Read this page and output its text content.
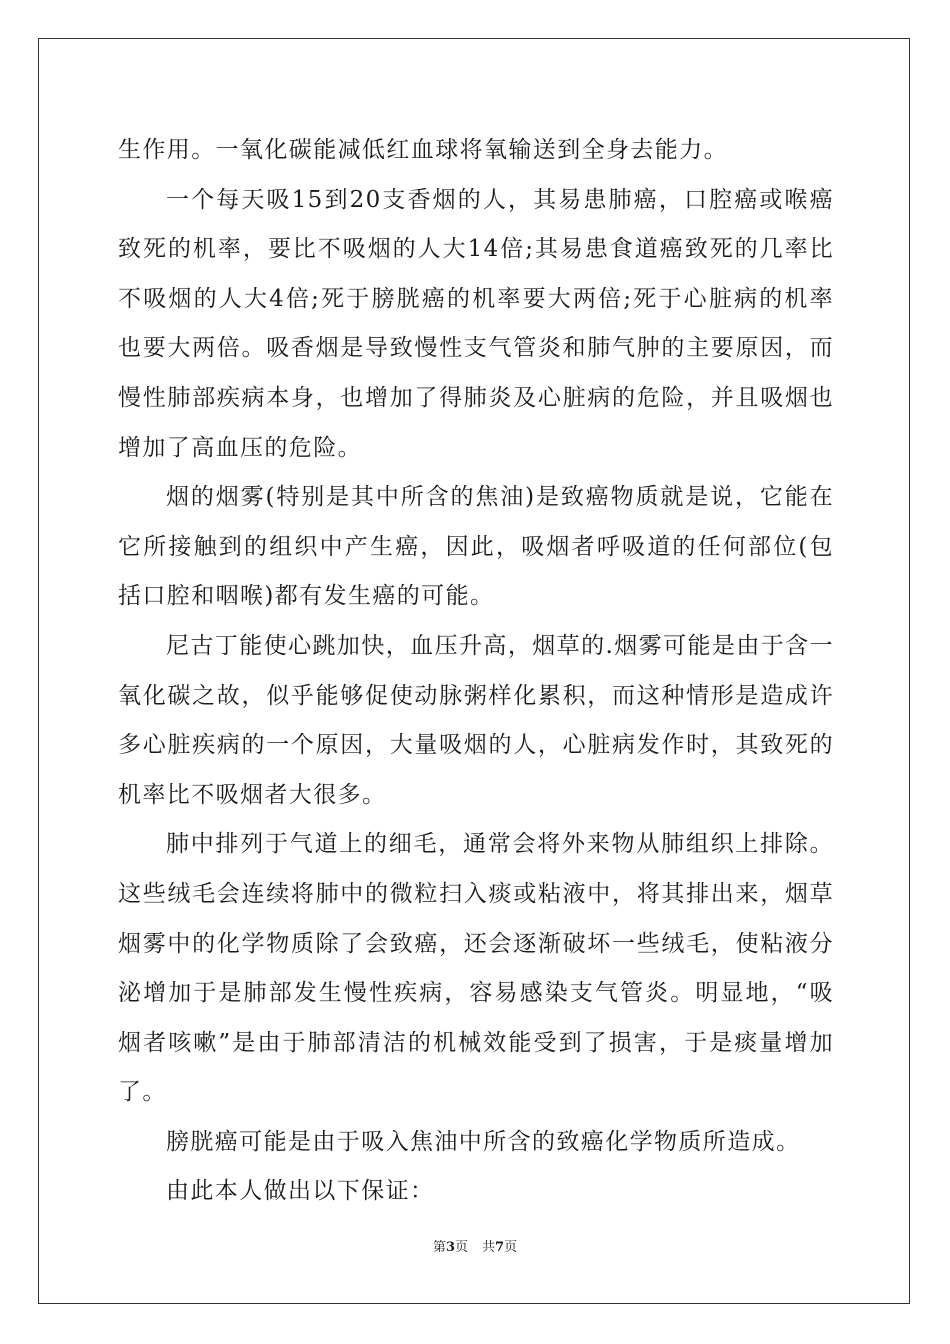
生作用。一氧化碳能减低红血球将氧输送到全身去能力。

一个每天吸15到20支香烟的人，其易患肺癌，口腔癌或喉癌致死的机率，要比不吸烟的人大14倍;其易患食道癌致死的几率比不吸烟的人大4倍;死于膀胱癌的机率要大两倍;死于心脏病的机率也要大两倍。吸香烟是导致慢性支气管炎和肺气肿的主要原因，而慢性肺部疾病本身，也增加了得肺炎及心脏病的危险，并且吸烟也增加了高血压的危险。

烟的烟雾(特别是其中所含的焦油)是致癌物质就是说，它能在它所接触到的组织中产生癌，因此，吸烟者呼吸道的任何部位(包括口腔和咽喉)都有发生癌的可能。

尼古丁能使心跳加快，血压升高，烟草的.烟雾可能是由于含一氧化碳之故，似乎能够促使动脉粥样化累积，而这种情形是造成许多心脏疾病的一个原因，大量吸烟的人，心脏病发作时，其致死的机率比不吸烟者大很多。

肺中排列于气道上的细毛，通常会将外来物从肺组织上排除。这些绒毛会连续将肺中的微粒扫入痰或粘液中，将其排出来，烟草烟雾中的化学物质除了会致癌，还会逐渐破坏一些绒毛，使粘液分泌增加于是肺部发生慢性疾病，容易感染支气管炎。明显地，“吸烟者咳嗽”是由于肺部清洁的机械效能受到了损害，于是痰量增加了。

膀胱癌可能是由于吸入焦油中所含的致癌化学物质所造成。

由此本人做出以下保证：

第3页 共7页
